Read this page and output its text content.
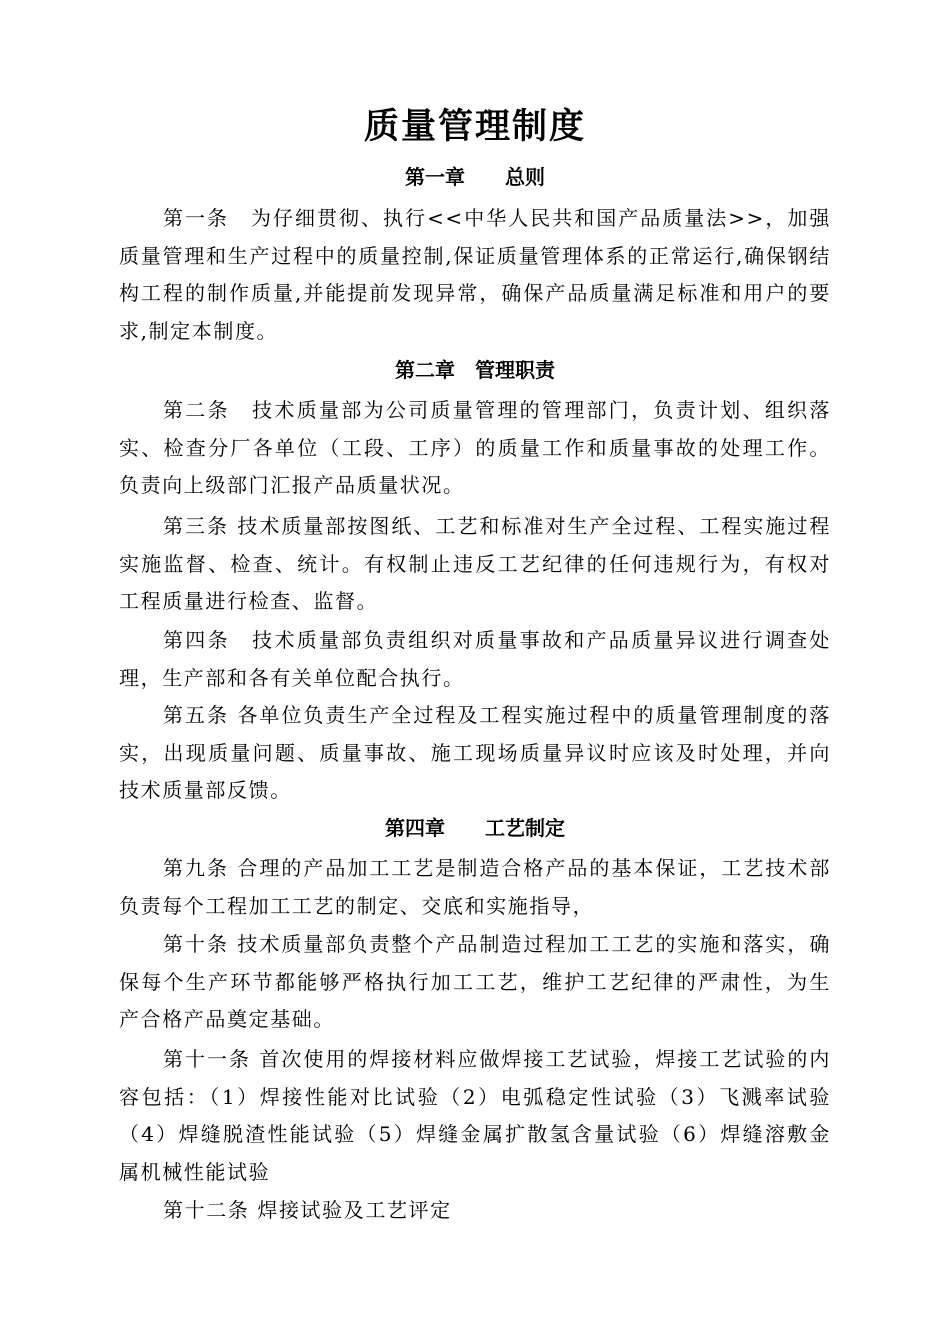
质量管理制度
第一章 总则

第一条　为仔细贯彻、执行<<中华人民共和国产品质量法>>，加强质量管理和生产过程中的质量控制,保证质量管理体系的正常运行,确保钢结构工程的制作质量,并能提前发现异常，确保产品质量满足标准和用户的要求,制定本制度。

第二章 管理职责

第二条　技术质量部为公司质量管理的管理部门，负责计划、组织落实、检查分厂各单位（工段、工序）的质量工作和质量事故的处理工作。负责向上级部门汇报产品质量状况。

第三条 技术质量部按图纸、工艺和标准对生产全过程、工程实施过程实施监督、检查、统计。有权制止违反工艺纪律的任何违规行为，有权对工程质量进行检查、监督。

第四条　技术质量部负责组织对质量事故和产品质量异议进行调查处理，生产部和各有关单位配合执行。

第五条 各单位负责生产全过程及工程实施过程中的质量管理制度的落实，出现质量问题、质量事故、施工现场质量异议时应该及时处理，并向技术质量部反馈。

第四章 工艺制定

第九条 合理的产品加工工艺是制造合格产品的基本保证，工艺技术部负责每个工程加工工艺的制定、交底和实施指导，

第十条 技术质量部负责整个产品制造过程加工工艺的实施和落实，确保每个生产环节都能够严格执行加工工艺，维护工艺纪律的严肃性，为生产合格产品奠定基础。

第十一条 首次使用的焊接材料应做焊接工艺试验，焊接工艺试验的内容包括：（1）焊接性能对比试验（2）电弧稳定性试验（3）飞溅率试验（4）焊缝脱渣性能试验（5）焊缝金属扩散氢含量试验（6）焊缝溶敷金属机械性能试验

第十二条 焊接试验及工艺评定
